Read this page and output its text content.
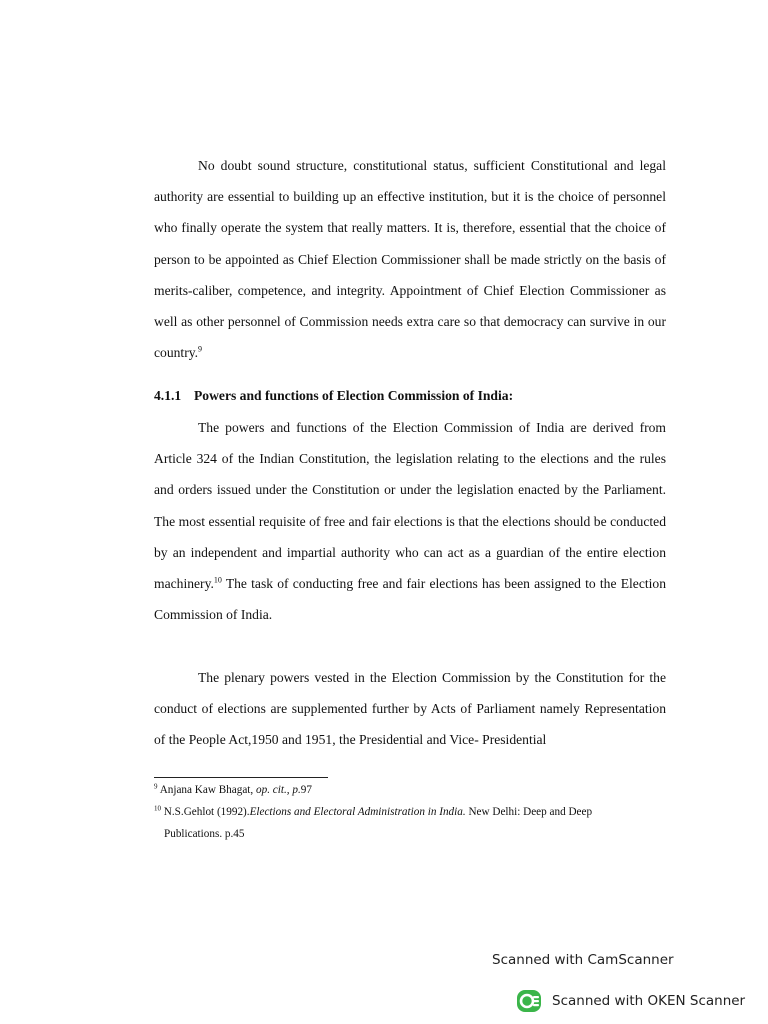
No doubt sound structure, constitutional status, sufficient Constitutional and legal authority are essential to building up an effective institution, but it is the choice of personnel who finally operate the system that really matters. It is, therefore, essential that the choice of person to be appointed as Chief Election Commissioner shall be made strictly on the basis of merits-caliber, competence, and integrity. Appointment of Chief Election Commissioner as well as other personnel of Commission needs extra care so that democracy can survive in our country.$^9$

4.1.1 Powers and functions of Election Commission of India:

The powers and functions of the Election Commission of India are derived from Article 324 of the Indian Constitution, the legislation relating to the elections and the rules and orders issued under the Constitution or under the legislation enacted by the Parliament. The most essential requisite of free and fair elections is that the elections should be conducted by an independent and impartial authority who can act as a guardian of the entire election machinery.$^{10}$ The task of conducting free and fair elections has been assigned to the Election Commission of India.

The plenary powers vested in the Election Commission by the Constitution for the conduct of elections are supplemented further by Acts of Parliament namely Representation of the People Act,1950 and 1951, the Presidential and Vice- Presidential

$^9$ Anjana Kaw Bhagat, op. cit., p.97

$^{10}$ N.S.Gehlot (1992).Elections and Electoral Administration in India. New Delhi: Deep and Deep
Publications. p.45

Scanned with CamScanner
Scanned with OKEN Scanner
